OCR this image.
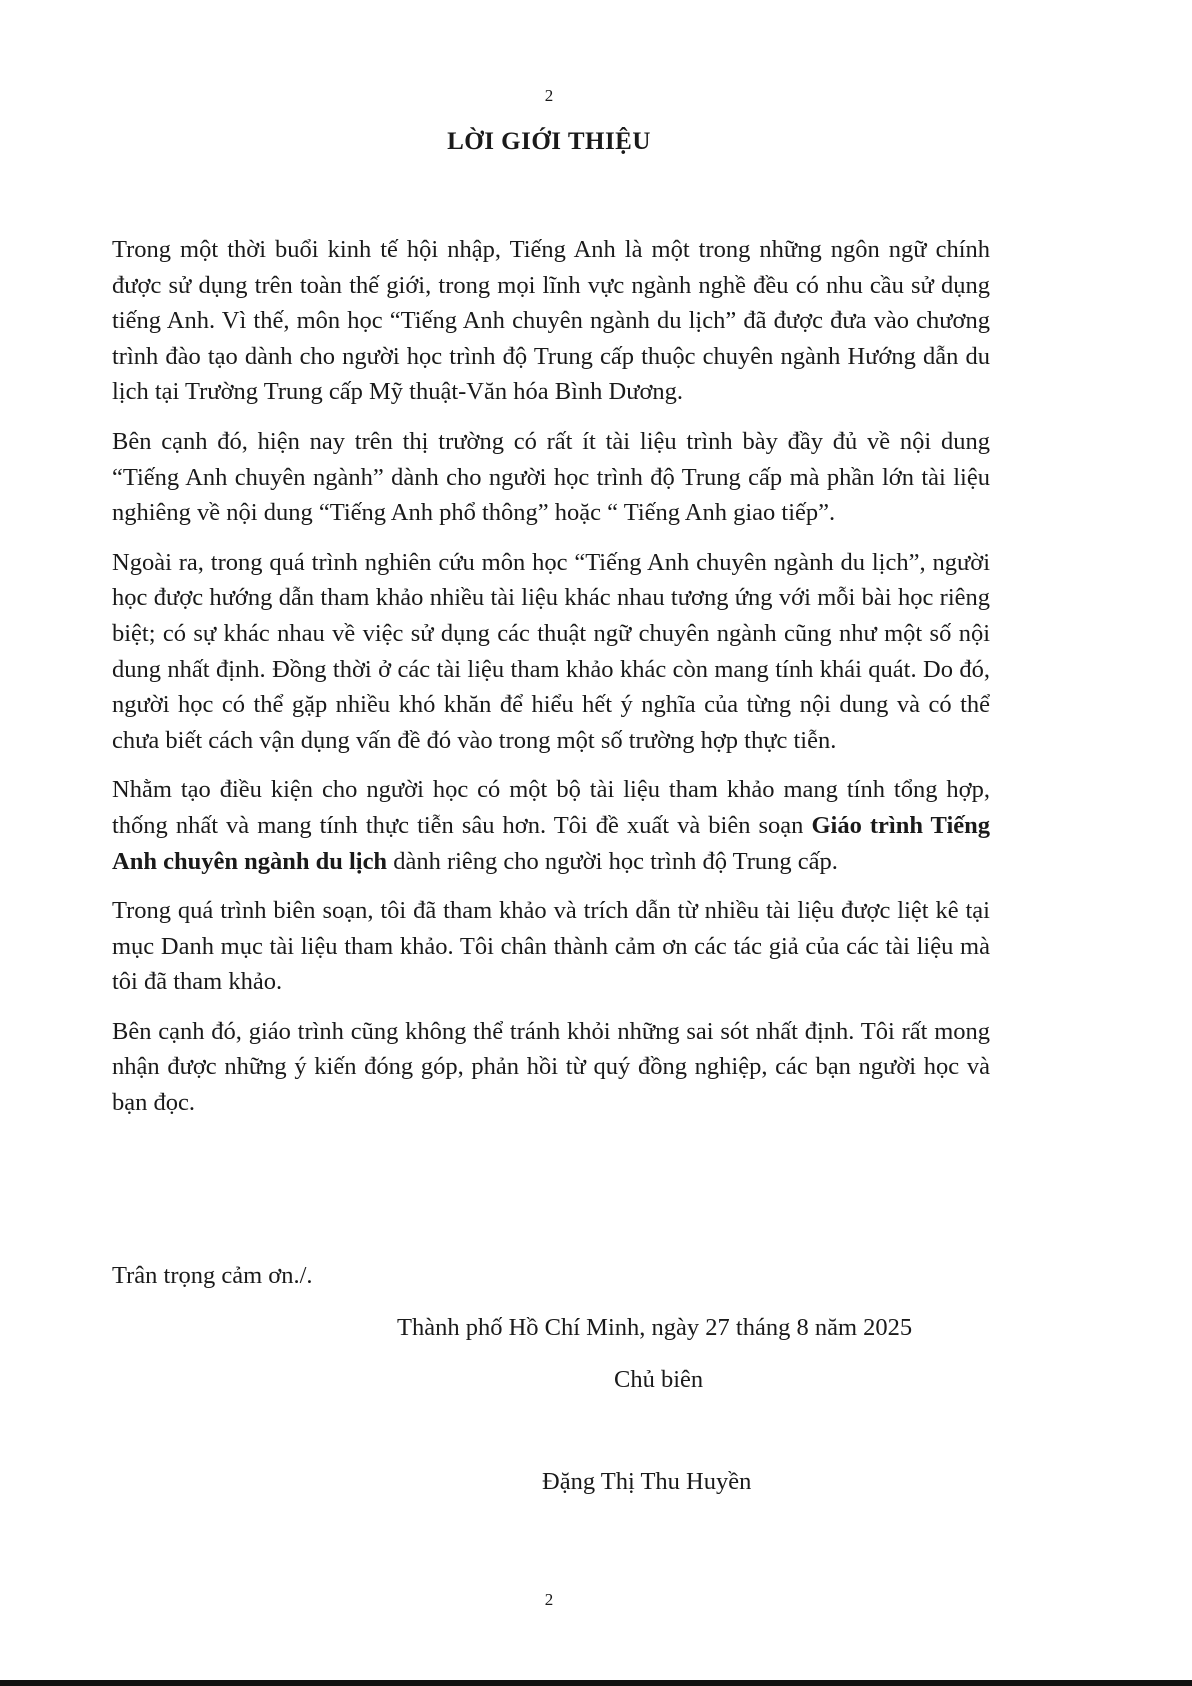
2
LỜI GIỚI THIỆU

Trong một thời buổi kinh tế hội nhập, Tiếng Anh là một trong những ngôn ngữ chính được sử dụng trên toàn thế giới, trong mọi lĩnh vực ngành nghề đều có nhu cầu sử dụng tiếng Anh. Vì thế, môn học “Tiếng Anh chuyên ngành du lịch” đã được đưa vào chương trình đào tạo dành cho người học trình độ Trung cấp thuộc chuyên ngành Hướng dẫn du lịch tại Trường Trung cấp Mỹ thuật-Văn hóa Bình Dương.

Bên cạnh đó, hiện nay trên thị trường có rất ít tài liệu trình bày đầy đủ về nội dung “Tiếng Anh chuyên ngành” dành cho người học trình độ Trung cấp mà phần lớn tài liệu nghiêng về nội dung “Tiếng Anh phổ thông” hoặc “ Tiếng Anh giao tiếp”.

Ngoài ra, trong quá trình nghiên cứu môn học “Tiếng Anh chuyên ngành du lịch”, người học được hướng dẫn tham khảo nhiều tài liệu khác nhau tương ứng với mỗi bài học riêng biệt; có sự khác nhau về việc sử dụng các thuật ngữ chuyên ngành cũng như một số nội dung nhất định. Đồng thời ở các tài liệu tham khảo khác còn mang tính khái quát. Do đó, người học có thể gặp nhiều khó khăn để hiểu hết ý nghĩa của từng nội dung và có thể chưa biết cách vận dụng vấn đề đó vào trong một số trường hợp thực tiễn.

Nhằm tạo điều kiện cho người học có một bộ tài liệu tham khảo mang tính tổng hợp, thống nhất và mang tính thực tiễn sâu hơn. Tôi đề xuất và biên soạn Giáo trình Tiếng Anh chuyên ngành du lịch dành riêng cho người học trình độ Trung cấp.

Trong quá trình biên soạn, tôi đã tham khảo và trích dẫn từ nhiều tài liệu được liệt kê tại mục Danh mục tài liệu tham khảo. Tôi chân thành cảm ơn các tác giả của các tài liệu mà tôi đã tham khảo.

Bên cạnh đó, giáo trình cũng không thể tránh khỏi những sai sót nhất định. Tôi rất mong nhận được những ý kiến đóng góp, phản hồi từ quý đồng nghiệp, các bạn người học và bạn đọc.

Trân trọng cảm ơn./.
Thành phố Hồ Chí Minh, ngày 27 tháng 8 năm 2025
Chủ biên
Đặng Thị Thu Huyền
2
